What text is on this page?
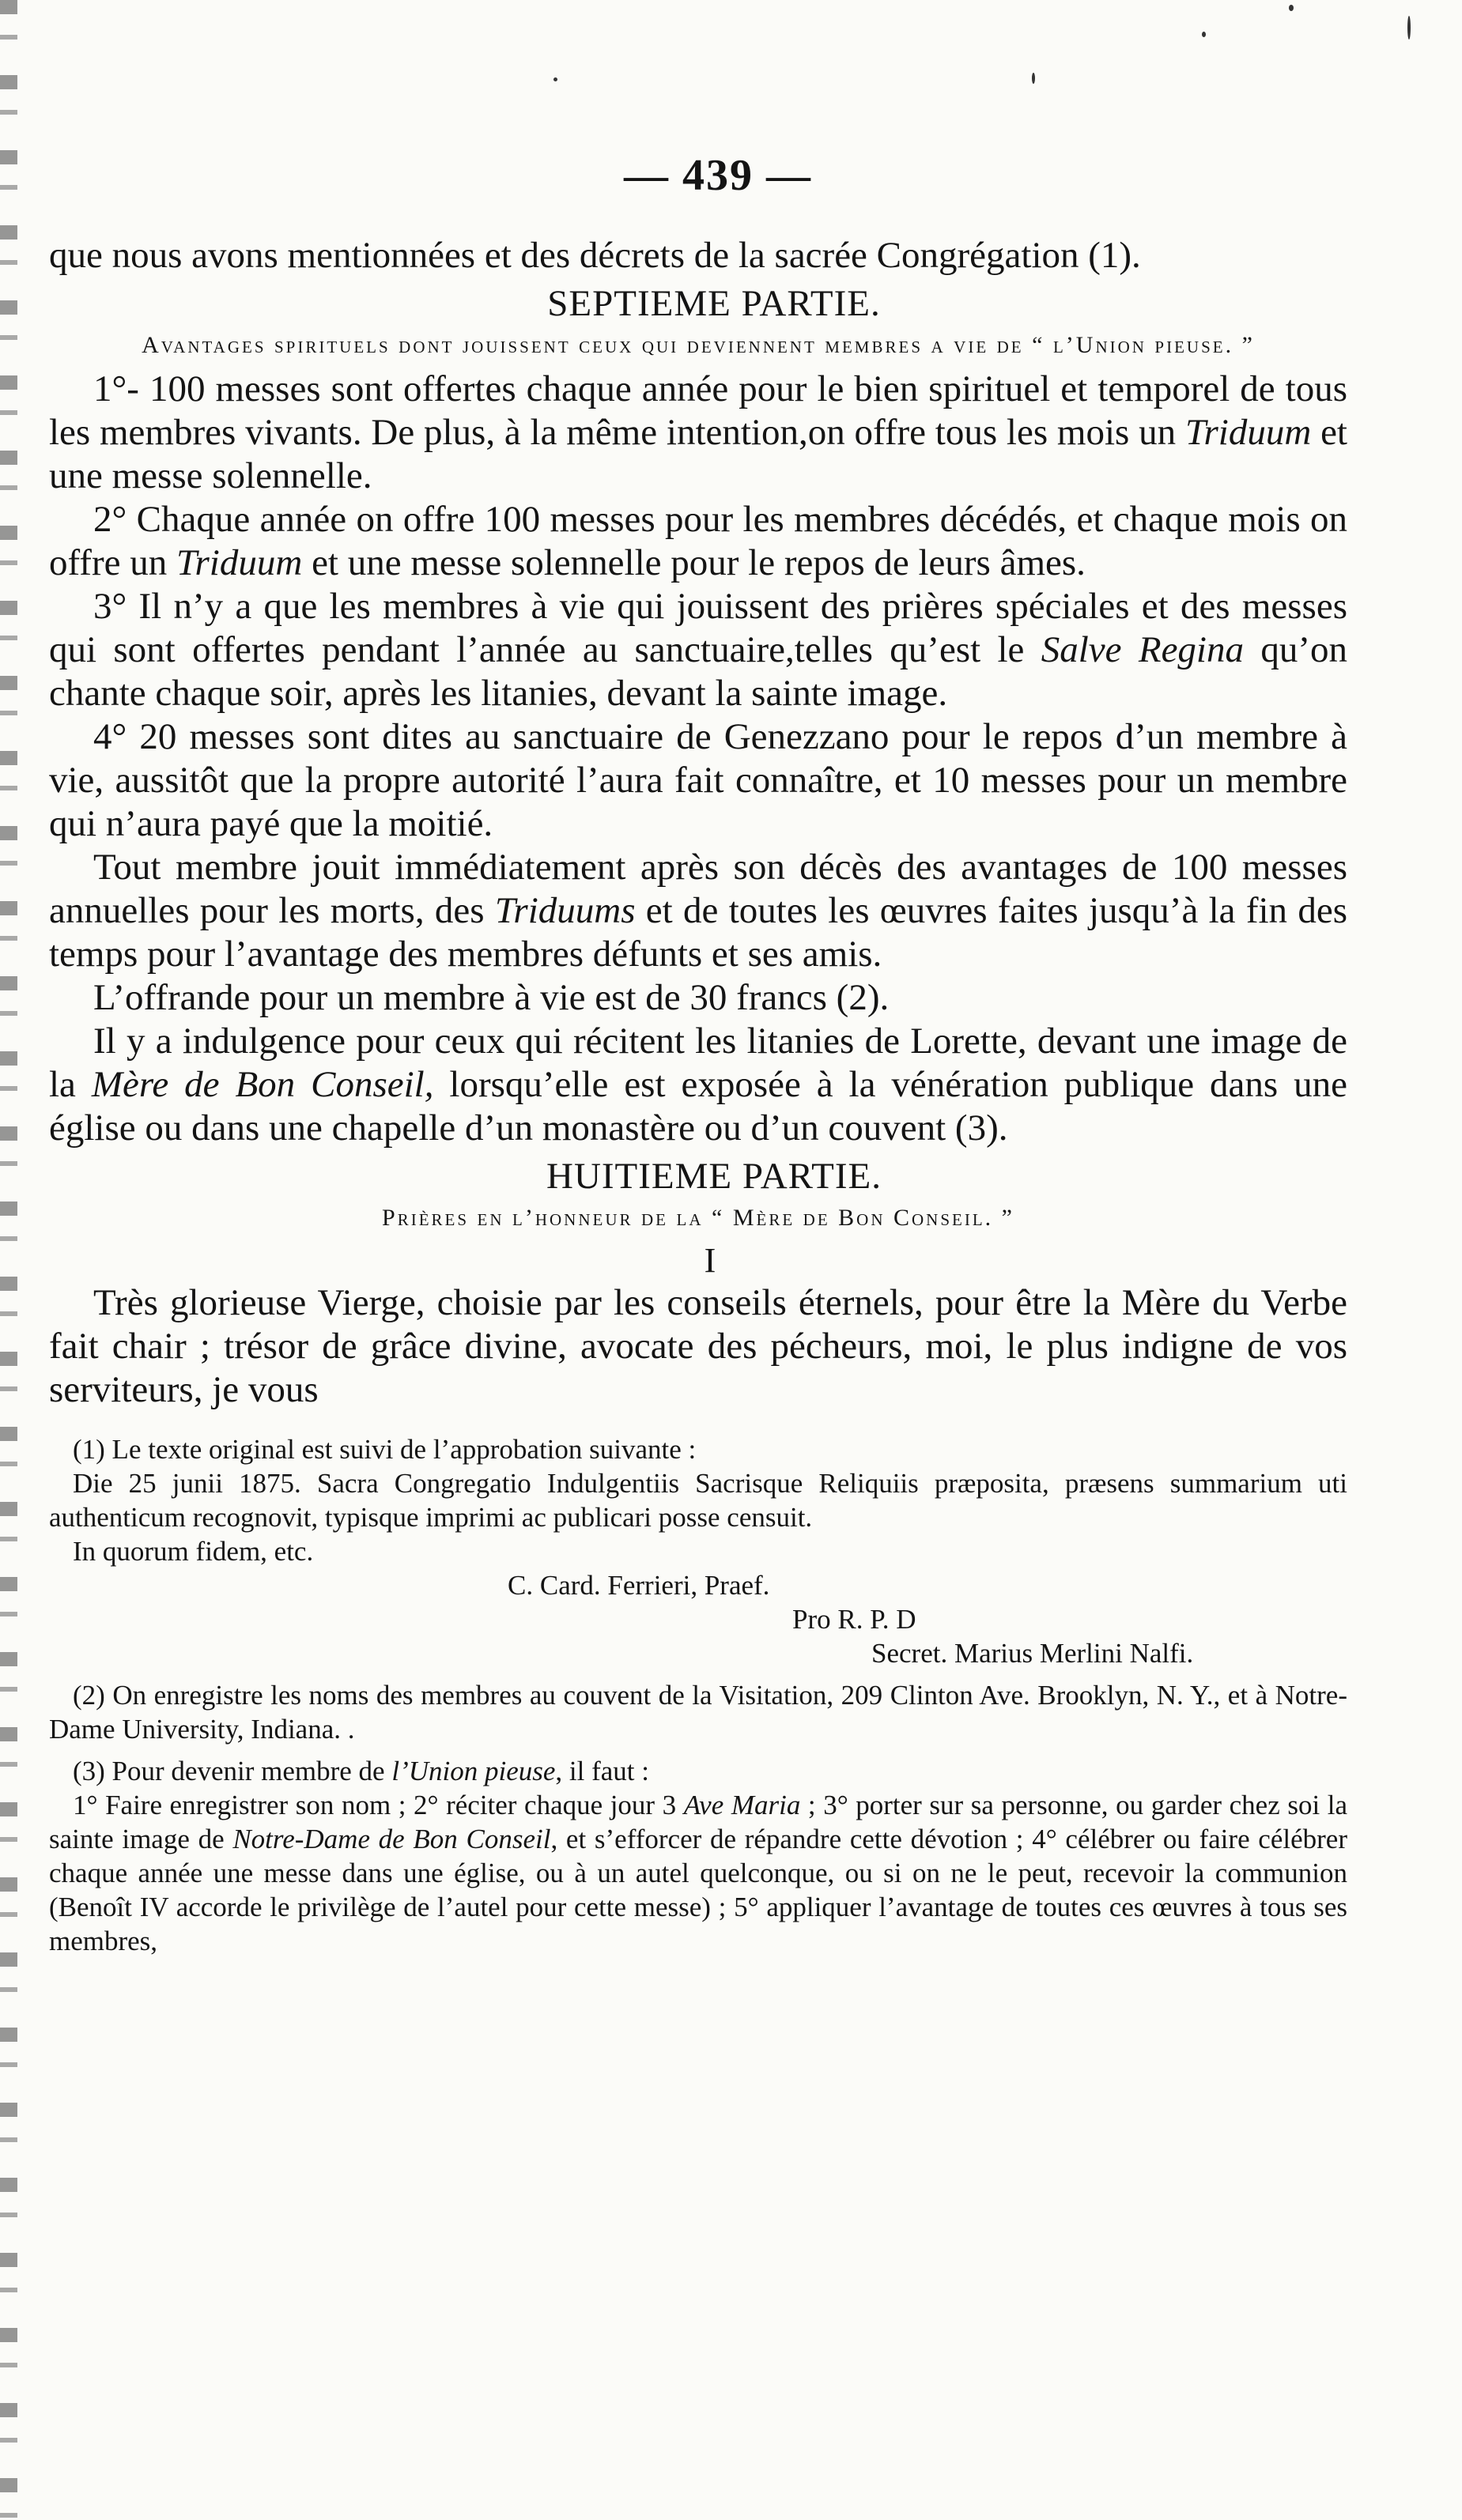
— 439 —

que nous avons mentionnées et des décrets de la sacrée Congrégation (1).

SEPTIEME PARTIE.
Avantages spirituels dont jouissent ceux qui deviennent membres a vie de “ l’Union pieuse. ”

1°- 100 messes sont offertes chaque année pour le bien spirituel et temporel de tous les membres vivants. De plus, à la même intention,on offre tous les mois un Triduum et une messe solennelle.

2° Chaque année on offre 100 messes pour les membres décédés, et chaque mois on offre un Triduum et une messe solennelle pour le repos de leurs âmes.

3° Il n’y a que les membres à vie qui jouissent des prières spéciales et des messes qui sont offertes pendant l’année au sanctuaire,telles qu’est le Salve Regina qu’on chante chaque soir, après les litanies, devant la sainte image.

4° 20 messes sont dites au sanctuaire de Genezzano pour le repos d’un membre à vie, aussitôt que la propre autorité l’aura fait connaître, et 10 messes pour un membre qui n’aura payé que la moitié.

Tout membre jouit immédiatement après son décès des avantages de 100 messes annuelles pour les morts, des Triduums et de toutes les œuvres faites jusqu’à la fin des temps pour l’avantage des membres défunts et ses amis.

L’offrande pour un membre à vie est de 30 francs (2).

Il y a indulgence pour ceux qui récitent les litanies de Lorette, devant une image de la Mère de Bon Conseil, lorsqu’elle est exposée à la vénération publique dans une église ou dans une chapelle d’un monastère ou d’un couvent (3).

HUITIEME PARTIE.
Prières en l’honneur de la “ Mère de Bon Conseil. ”
I

Très glorieuse Vierge, choisie par les conseils éternels, pour être la Mère du Verbe fait chair ; trésor de grâce divine, avocate des pécheurs, moi, le plus indigne de vos serviteurs, je vous

(1) Le texte original est suivi de l’approbation suivante :

Die 25 junii 1875. Sacra Congregatio Indulgentiis Sacrisque Reliquiis præposita, præsens summarium uti authenticum recognovit, typisque imprimi ac publicari posse censuit.

In quorum fidem, etc.

C. Card. Ferrieri, Praef.

Pro R. P. D

Secret. Marius Merlini Nalfi.

(2) On enregistre les noms des membres au couvent de la Visitation, 209 Clinton Ave. Brooklyn, N. Y., et à Notre-Dame University, Indiana. .

(3) Pour devenir membre de l’Union pieuse, il faut :

1° Faire enregistrer son nom ; 2° réciter chaque jour 3 Ave Maria ; 3° porter sur sa personne, ou garder chez soi la sainte image de Notre-Dame de Bon Conseil, et s’efforcer de répandre cette dévotion ; 4° célébrer ou faire célébrer chaque année une messe dans une église, ou à un autel quelconque, ou si on ne le peut, recevoir la communion (Benoît IV accorde le privilège de l’autel pour cette messe) ; 5° appliquer l’avantage de toutes ces œuvres à tous ses membres,
